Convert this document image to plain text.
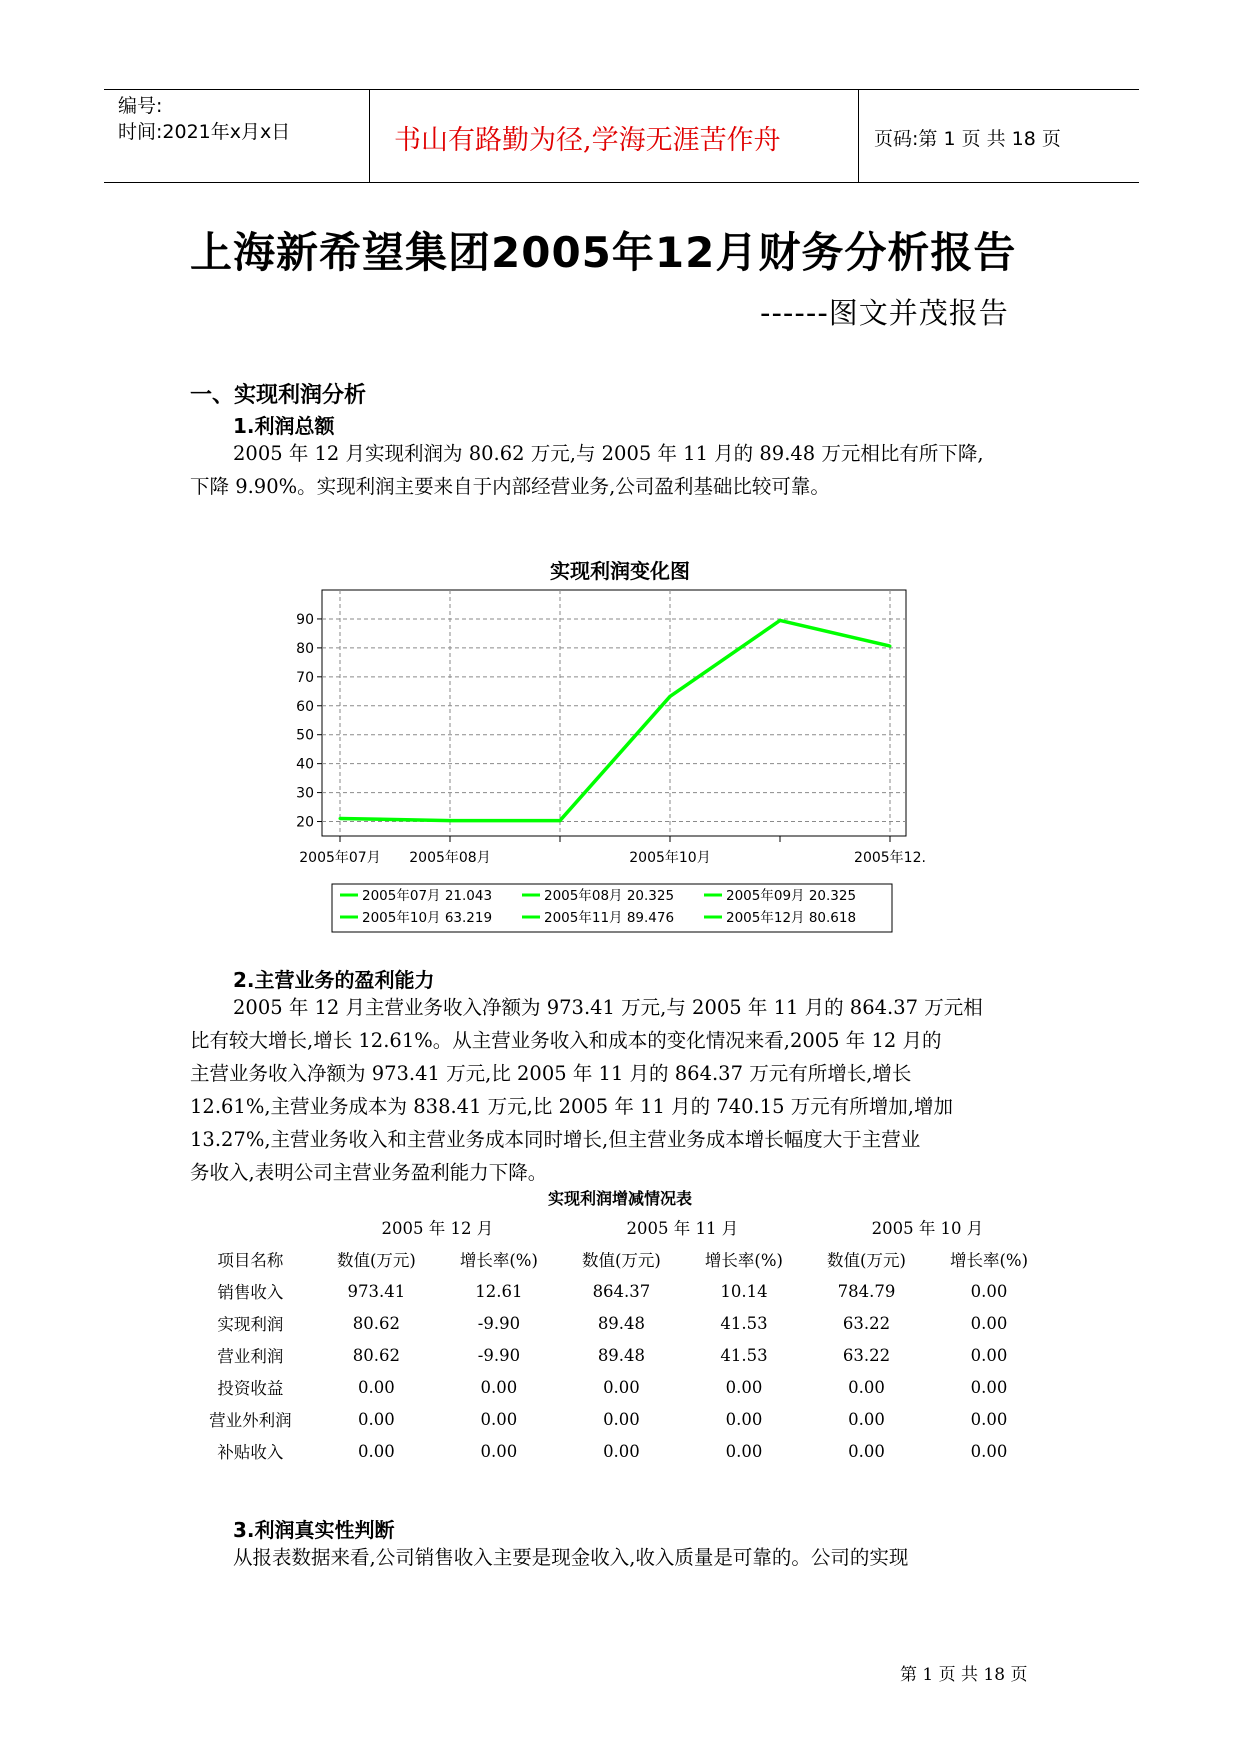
编号:
时间:2021年x月x日	书山有路勤为径,学海无涯苦作舟	页码:第 1 页 共 18 页
上海新希望集团2005年12月财务分析报告
------图文并茂报告
一、实现利润分析
1.利润总额
2005 年 12 月实现利润为 80.62 万元,与 2005 年 11 月的 89.48 万元相比有所下降,
下降 9.90%。实现利润主要来自于内部经营业务,公司盈利基础比较可靠。
实现利润变化图
20
30
40
50
60
70
80
90
2005年07月 2005年08月	2005年10月	2005年12.
2005年07月 21.043	2005年08月 20.325	2005年09月 20.325
2005年10月 63.219	2005年11月 89.476	2005年12月 80.618
2.主营业务的盈利能力
2005 年 12 月主营业务收入净额为 973.41 万元,与 2005 年 11 月的 864.37 万元相
比有较大增长,增长 12.61%。从主营业务收入和成本的变化情况来看,2005 年 12 月的
主营业务收入净额为 973.41 万元,比 2005 年 11 月的 864.37 万元有所增长,增长
12.61%,主营业务成本为 838.41 万元,比 2005 年 11 月的 740.15 万元有所增加,增加
13.27%,主营业务收入和主营业务成本同时增长,但主营业务成本增长幅度大于主营业
务收入,表明公司主营业务盈利能力下降。
实现利润增减情况表
	2005 年 12 月		2005 年 11 月		2005 年 10 月	
项目名称	数值(万元)	增长率(%)	数值(万元)	增长率(%)	数值(万元)	增长率(%)
销售收入	973.41	12.61	864.37	10.14	784.79	0.00
实现利润	80.62	-9.90	89.48	41.53	63.22	0.00
营业利润	80.62	-9.90	89.48	41.53	63.22	0.00
投资收益	0.00	0.00	0.00	0.00	0.00	0.00
营业外利润	0.00	0.00	0.00	0.00	0.00	0.00
补贴收入	0.00	0.00	0.00	0.00	0.00	0.00
3.利润真实性判断
从报表数据来看,公司销售收入主要是现金收入,收入质量是可靠的。公司的实现
第 1 页 共 18 页
